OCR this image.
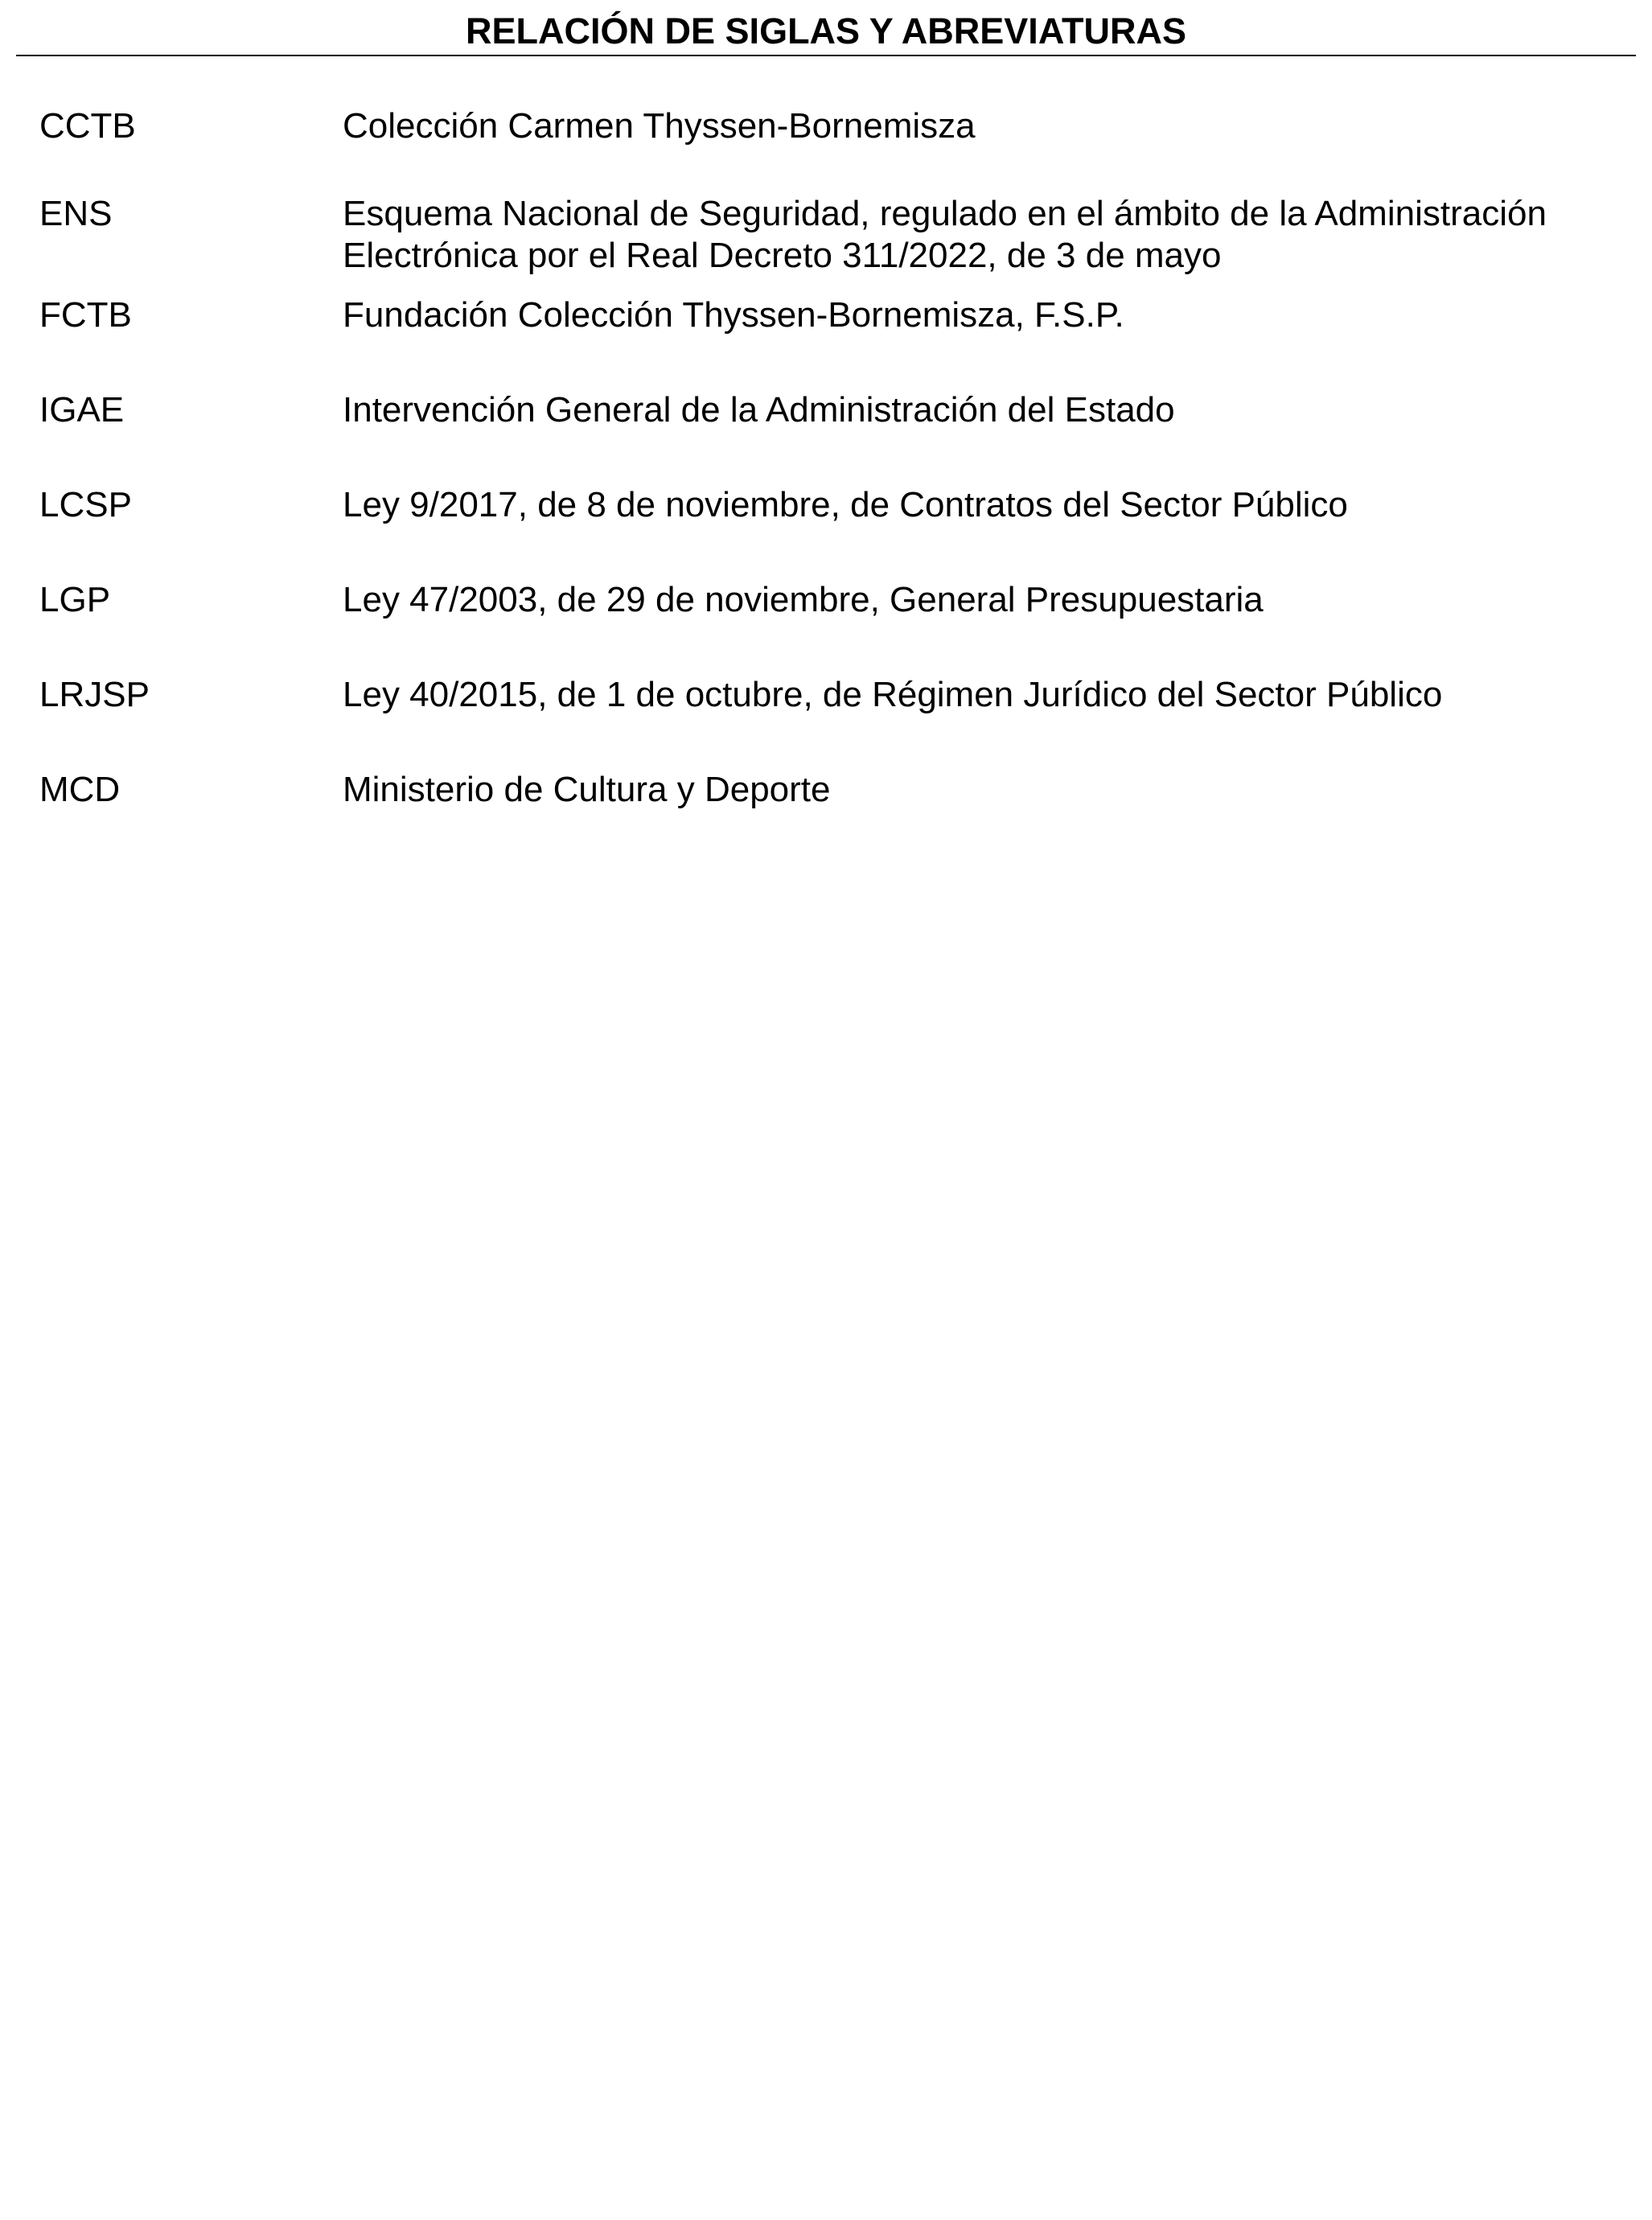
RELACIÓN DE SIGLAS Y ABREVIATURAS
CCTB	Colección Carmen Thyssen-Bornemisza
ENS	Esquema Nacional de Seguridad, regulado en el ámbito de la Administración Electrónica por el Real Decreto 311/2022, de 3 de mayo
FCTB	Fundación Colección Thyssen-Bornemisza, F.S.P.
IGAE	Intervención General de la Administración del Estado
LCSP	Ley 9/2017, de 8 de noviembre, de Contratos del Sector Público
LGP	Ley 47/2003, de 29 de noviembre, General Presupuestaria
LRJSP	Ley 40/2015, de 1 de octubre, de Régimen Jurídico del Sector Público
MCD	Ministerio de Cultura y Deporte
